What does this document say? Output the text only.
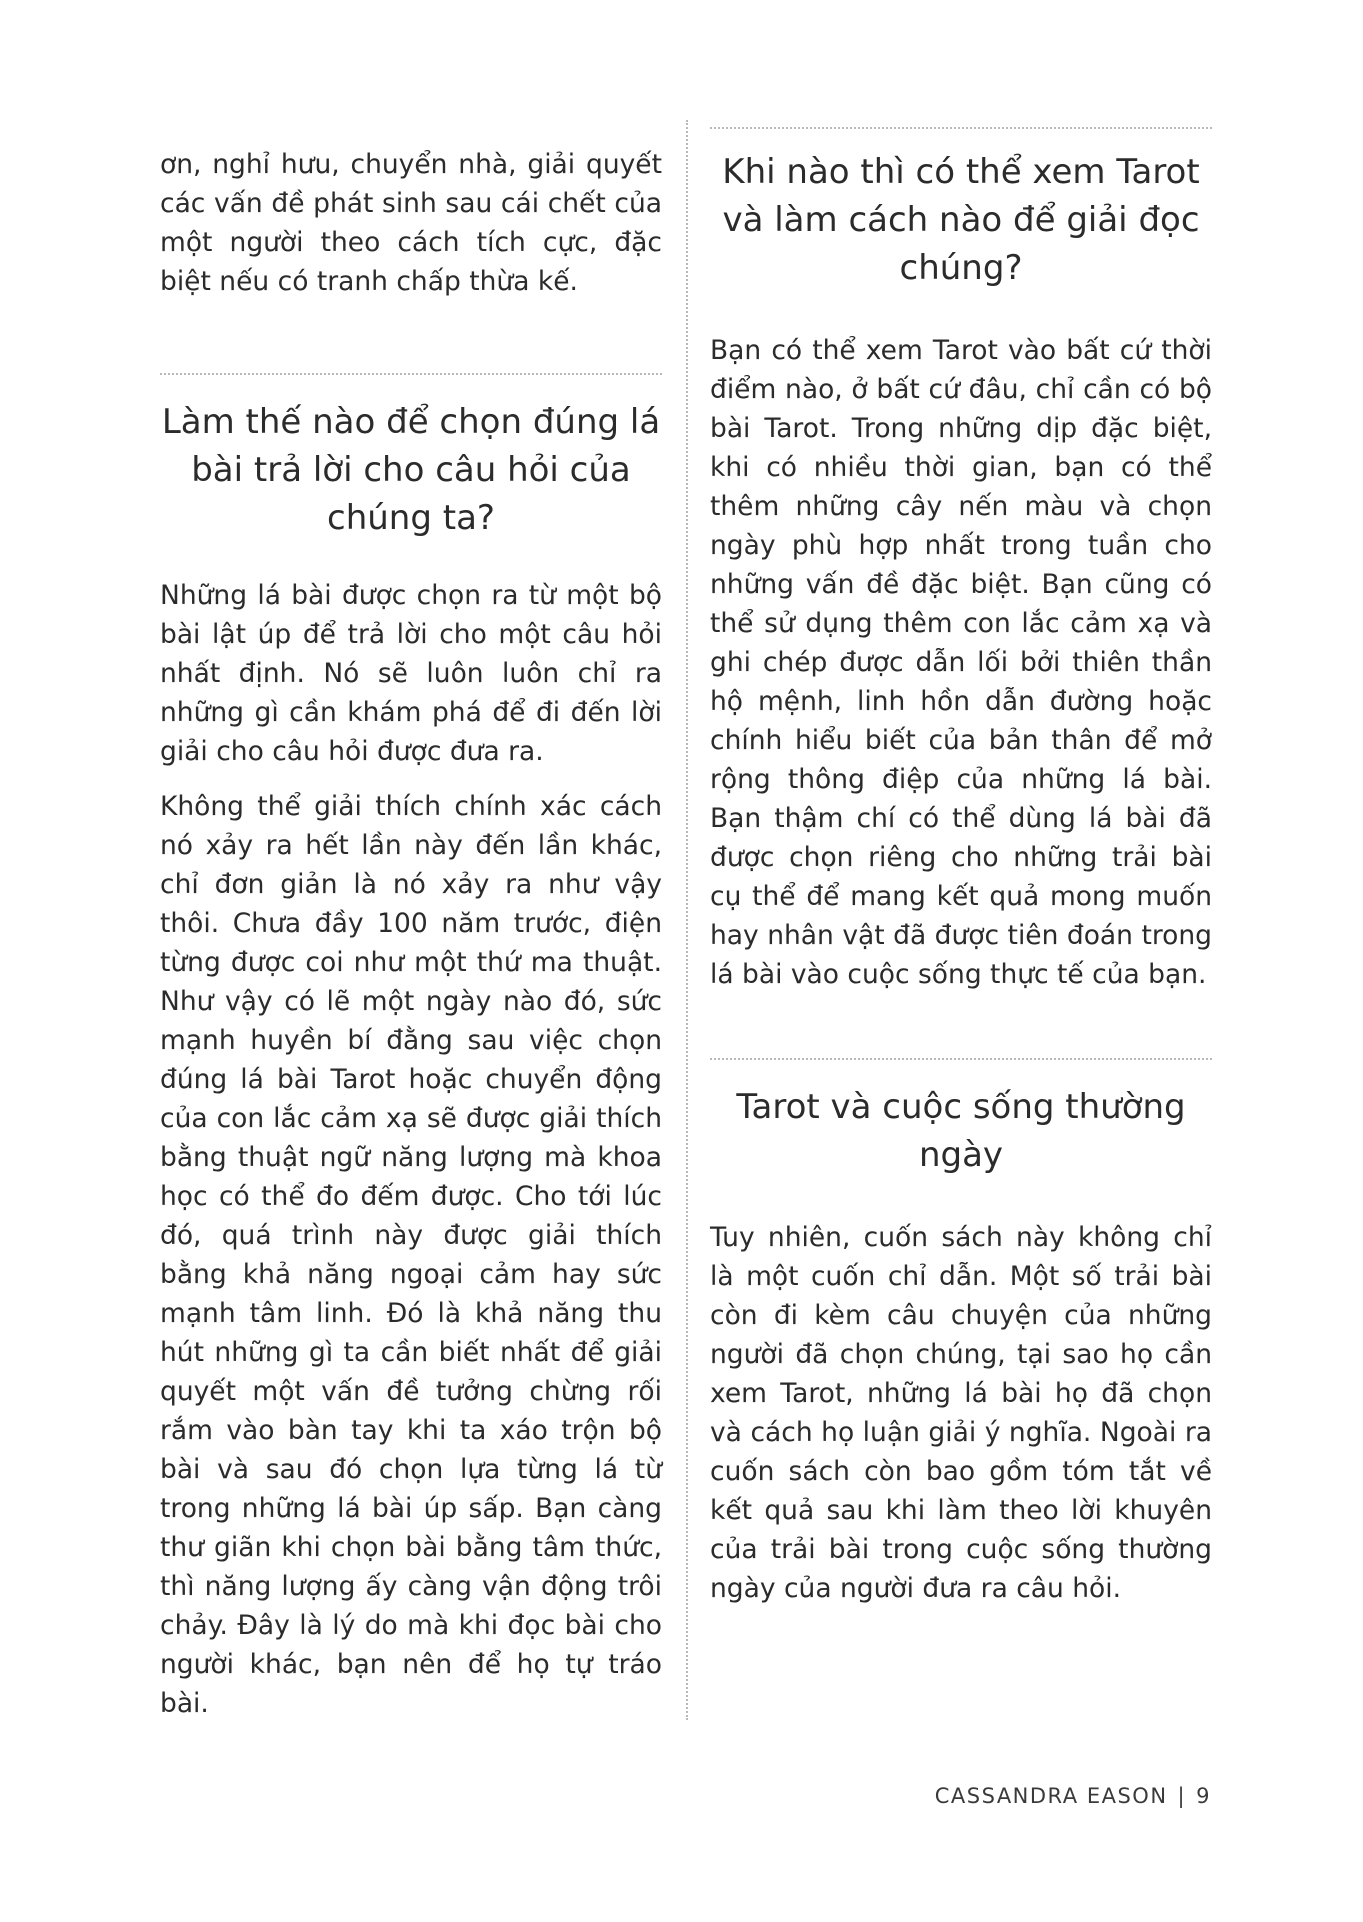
ơn, nghỉ hưu, chuyển nhà, giải quyết các vấn đề phát sinh sau cái chết của một người theo cách tích cực, đặc biệt nếu có tranh chấp thừa kế.

Làm thế nào để chọn đúng lá bài trả lời cho câu hỏi của chúng ta?

Những lá bài được chọn ra từ một bộ bài lật úp để trả lời cho một câu hỏi nhất định. Nó sẽ luôn luôn chỉ ra những gì cần khám phá để đi đến lời giải cho câu hỏi được đưa ra.

Không thể giải thích chính xác cách nó xảy ra hết lần này đến lần khác, chỉ đơn giản là nó xảy ra như vậy thôi. Chưa đầy 100 năm trước, điện từng được coi như một thứ ma thuật. Như vậy có lẽ một ngày nào đó, sức mạnh huyền bí đằng sau việc chọn đúng lá bài Tarot hoặc chuyển động của con lắc cảm xạ sẽ được giải thích bằng thuật ngữ năng lượng mà khoa học có thể đo đếm được. Cho tới lúc đó, quá trình này được giải thích bằng khả năng ngoại cảm hay sức mạnh tâm linh. Đó là khả năng thu hút những gì ta cần biết nhất để giải quyết một vấn đề tưởng chừng rối rắm vào bàn tay khi ta xáo trộn bộ bài và sau đó chọn lựa từng lá từ trong những lá bài úp sấp. Bạn càng thư giãn khi chọn bài bằng tâm thức, thì năng lượng ấy càng vận động trôi chảy. Đây là lý do mà khi đọc bài cho người khác, bạn nên để họ tự tráo bài.

Khi nào thì có thể xem Tarot và làm cách nào để giải đọc chúng?

Bạn có thể xem Tarot vào bất cứ thời điểm nào, ở bất cứ đâu, chỉ cần có bộ bài Tarot. Trong những dịp đặc biệt, khi có nhiều thời gian, bạn có thể thêm những cây nến màu và chọn ngày phù hợp nhất trong tuần cho những vấn đề đặc biệt. Bạn cũng có thể sử dụng thêm con lắc cảm xạ và ghi chép được dẫn lối bởi thiên thần hộ mệnh, linh hồn dẫn đường hoặc chính hiểu biết của bản thân để mở rộng thông điệp của những lá bài. Bạn thậm chí có thể dùng lá bài đã được chọn riêng cho những trải bài cụ thể để mang kết quả mong muốn hay nhân vật đã được tiên đoán trong lá bài vào cuộc sống thực tế của bạn.

Tarot và cuộc sống thường ngày

Tuy nhiên, cuốn sách này không chỉ là một cuốn chỉ dẫn. Một số trải bài còn đi kèm câu chuyện của những người đã chọn chúng, tại sao họ cần xem Tarot, những lá bài họ đã chọn và cách họ luận giải ý nghĩa. Ngoài ra cuốn sách còn bao gồm tóm tắt về kết quả sau khi làm theo lời khuyên của trải bài trong cuộc sống thường ngày của người đưa ra câu hỏi.

CASSANDRA EASON | 9
